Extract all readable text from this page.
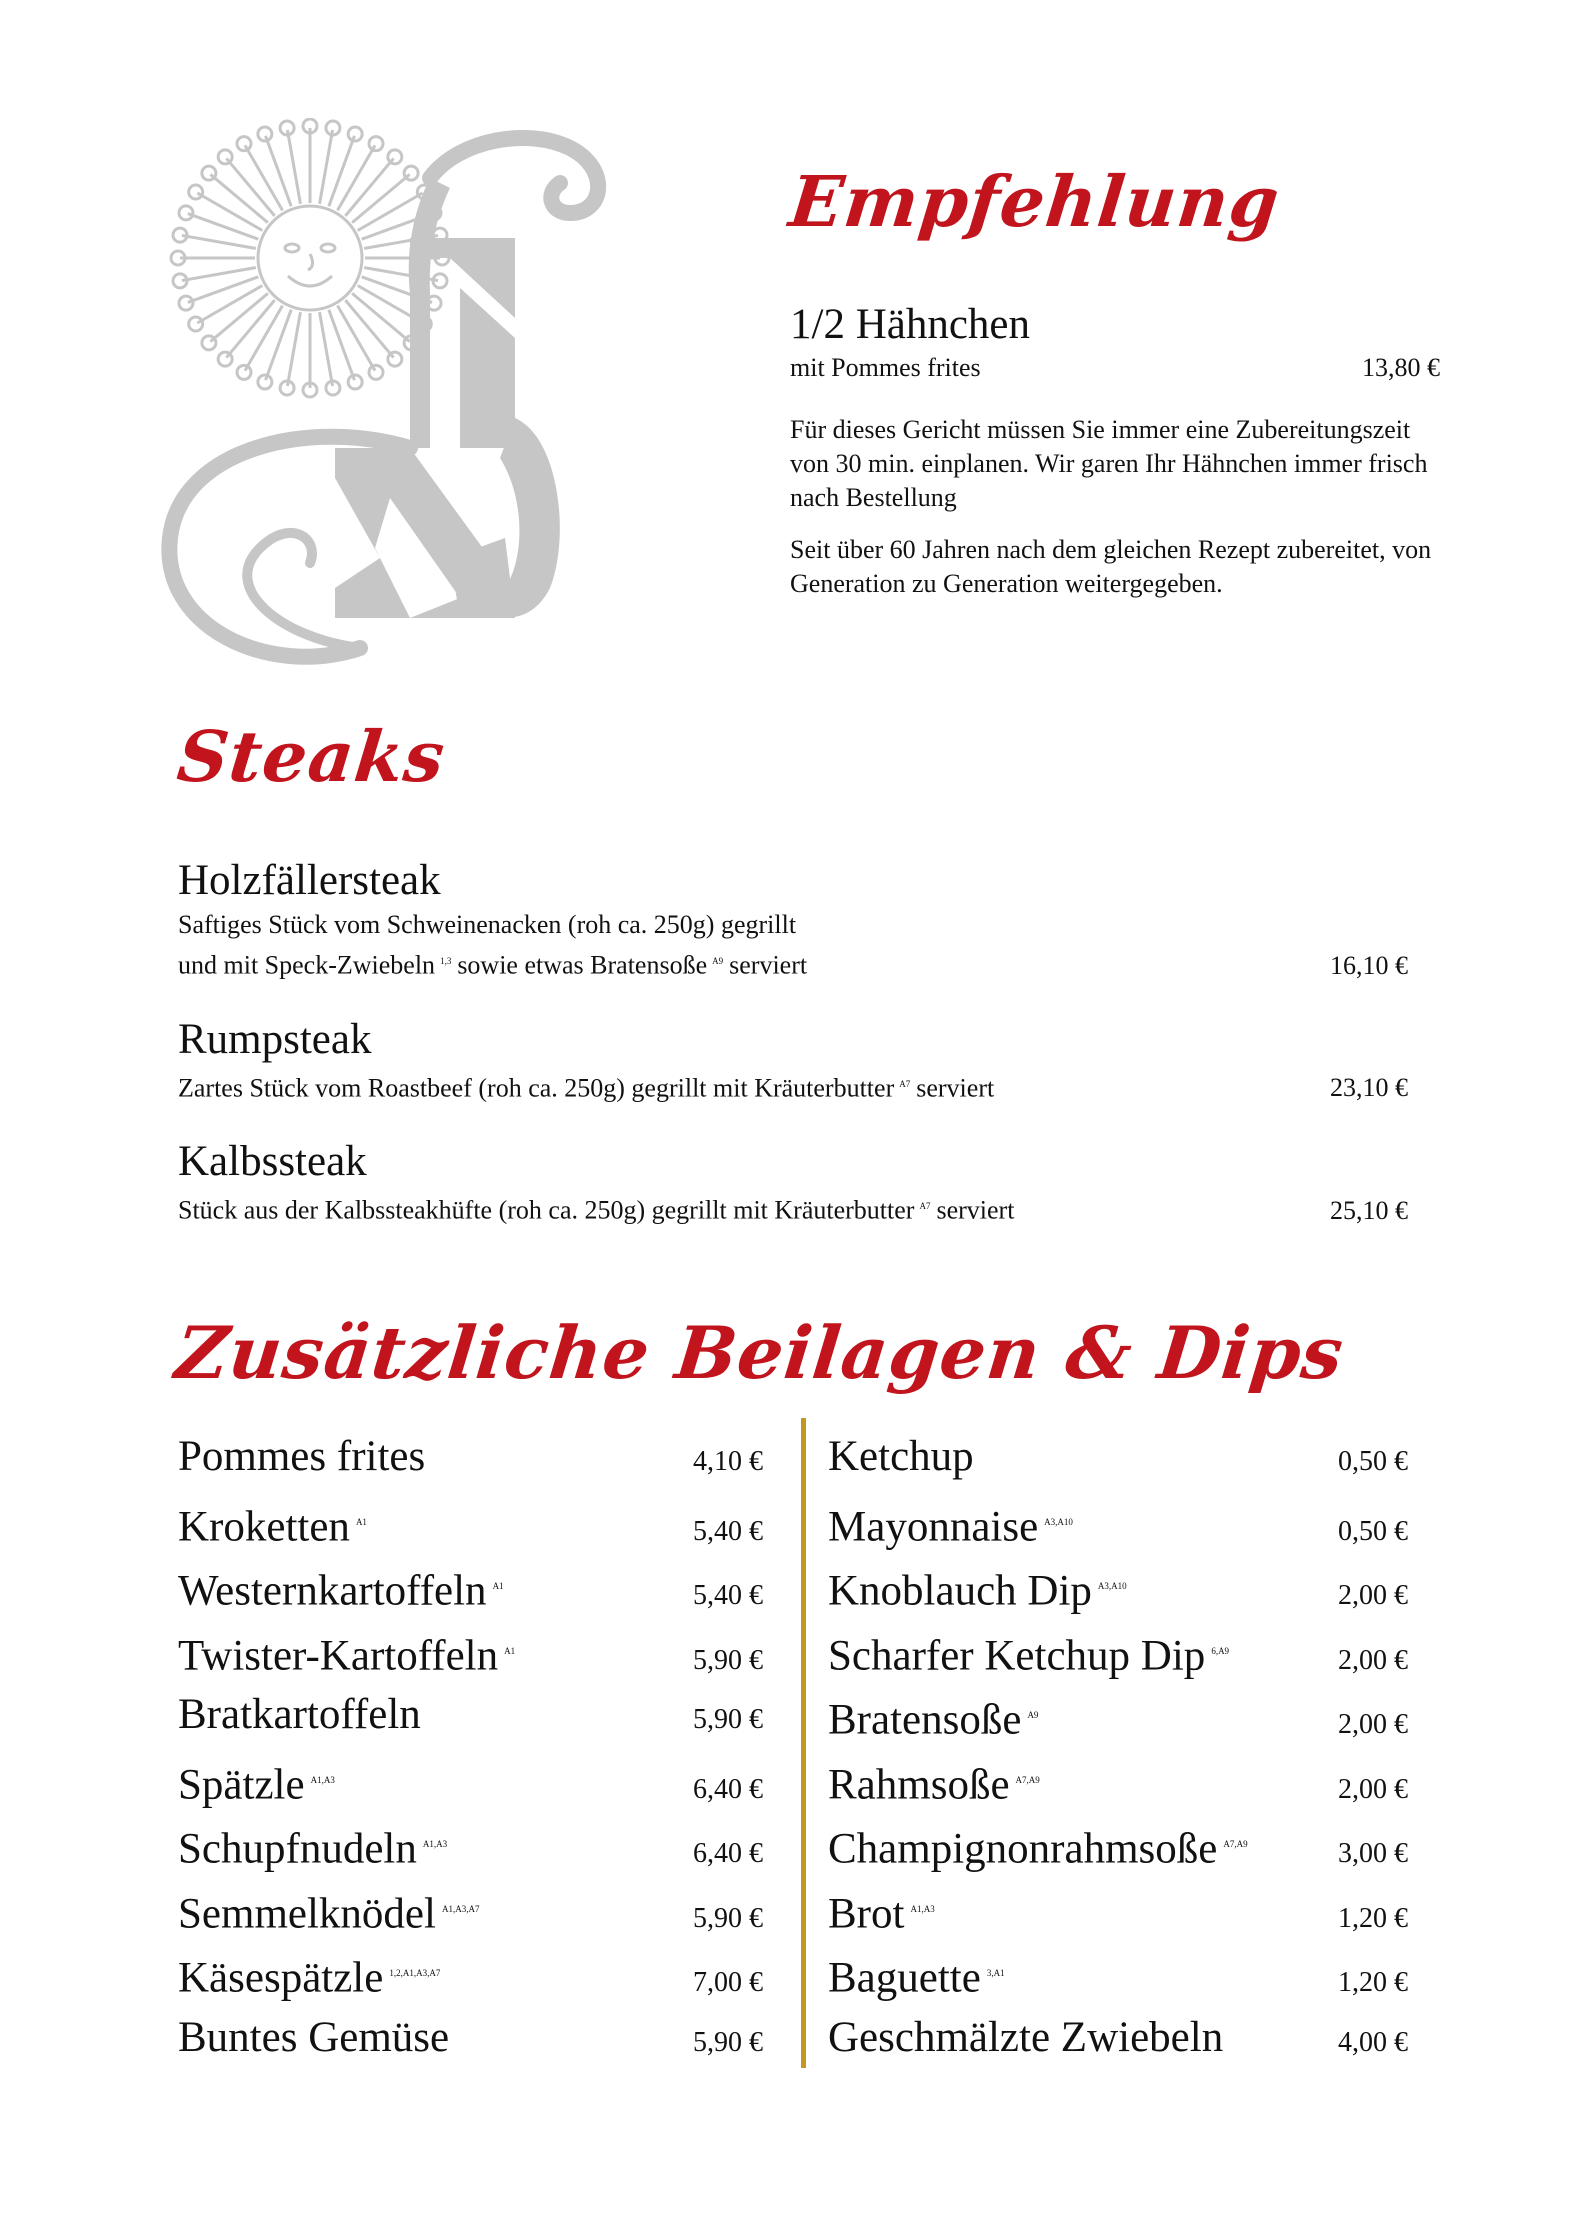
Empfehlung
1/2 Hähnchen
mit Pommes frites	13,80 €

Für dieses Gericht müssen Sie immer eine Zubereitungszeit von 30 min. einplanen. Wir garen Ihr Hähnchen immer frisch nach Bestellung

Seit über 60 Jahren nach dem gleichen Rezept zubereitet, von Generation zu Generation weitergegeben.

Steaks
Holzfällersteak
Saftiges Stück vom Schweinenacken (roh ca. 250g) gegrillt
und mit Speck-Zwiebeln $^{1,3}$ sowie etwas Bratensoße $^{A9}$ serviert	16,10 €
Rumpsteak
Zartes Stück vom Roastbeef (roh ca. 250g) gegrillt mit Kräuterbutter $^{A7}$ serviert	23,10 €
Kalbssteak
Stück aus der Kalbssteakhüfte (roh ca. 250g) gegrillt mit Kräuterbutter $^{A7}$ serviert	25,10 €
Zusätzliche Beilagen & Dips
Pommes frites	4,10 €
Kroketten $^{A1}$	5,40 €
Westernkartoffeln $^{A1}$	5,40 €
Twister-Kartoffeln $^{A1}$	5,90 €
Bratkartoffeln	5,90 €
Spätzle $^{A1,A3}$	6,40 €
Schupfnudeln $^{A1,A3}$	6,40 €
Semmelknödel $^{A1,A3,A7}$	5,90 €
Käsespätzle $^{1,2,A1,A3,A7}$	7,00 €
Buntes Gemüse	5,90 €
Ketchup	0,50 €
Mayonnaise $^{A3,A10}$	0,50 €
Knoblauch Dip $^{A3,A10}$	2,00 €
Scharfer Ketchup Dip $^{6,A9}$	2,00 €
Bratensoße $^{A9}$	2,00 €
Rahmsoße $^{A7,A9}$	2,00 €
Champignonrahmsoße $^{A7,A9}$	3,00 €
Brot $^{A1,A3}$	1,20 €
Baguette $^{3,A1}$	1,20 €
Geschmälzte Zwiebeln	4,00 €
